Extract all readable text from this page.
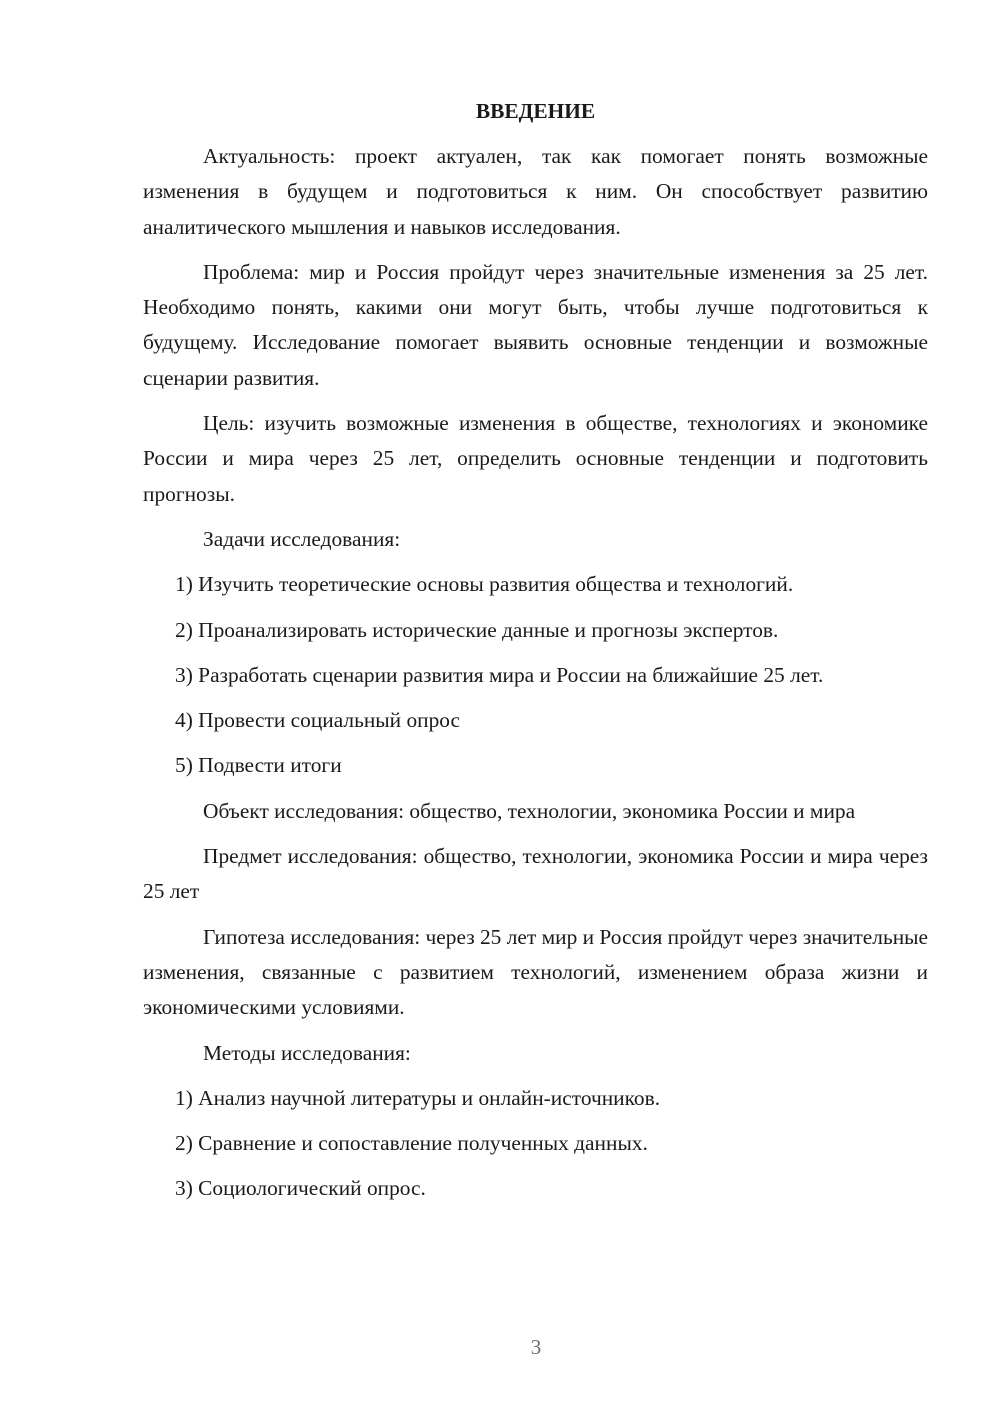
ВВЕДЕНИЕ

Актуальность: проект актуален, так как помогает понять возможные изменения в будущем и подготовиться к ним. Он способствует развитию аналитического мышления и навыков исследования.

Проблема: мир и Россия пройдут через значительные изменения за 25 лет. Необходимо понять, какими они могут быть, чтобы лучше подготовиться к будущему. Исследование помогает выявить основные тенденции и возможные сценарии развития.

Цель: изучить возможные изменения в обществе, технологиях и экономике России и мира через 25 лет, определить основные тенденции и подготовить прогнозы.

Задачи исследования:

1) Изучить теоретические основы развития общества и технологий.

2) Проанализировать исторические данные и прогнозы экспертов.

3) Разработать сценарии развития мира и России на ближайшие 25 лет.

4) Провести социальный опрос

5) Подвести итоги

Объект исследования: общество, технологии, экономика России и мира

Предмет исследования: общество, технологии, экономика России и мира через 25 лет

Гипотеза исследования: через 25 лет мир и Россия пройдут через значительные изменения, связанные с развитием технологий, изменением образа жизни и экономическими условиями.

Методы исследования:

1) Анализ научной литературы и онлайн-источников.

2) Сравнение и сопоставление полученных данных.

3) Социологический опрос.

3
